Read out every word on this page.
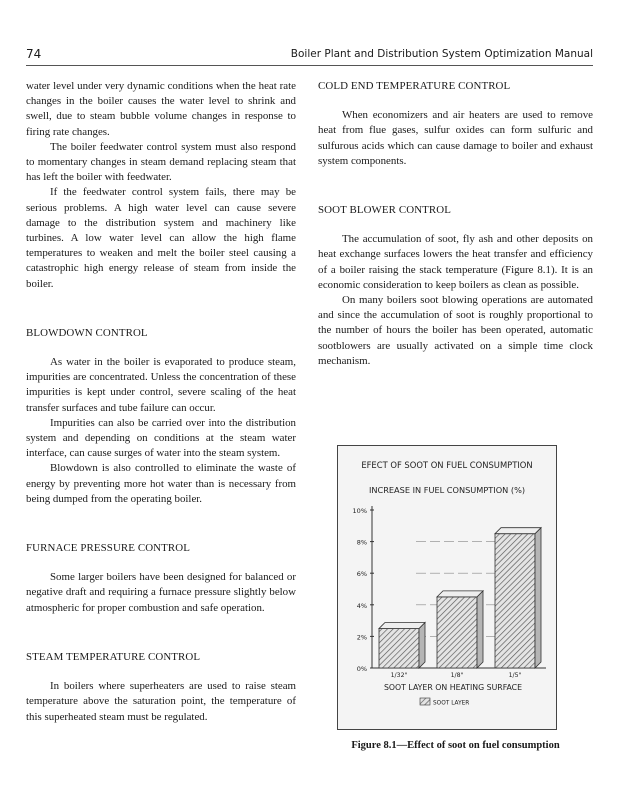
74	Boiler Plant and Distribution System Optimization Manual

water level under very dynamic conditions when the heat rate changes in the boiler causes the water level to shrink and swell, due to steam bubble volume changes in response to firing rate changes.

The boiler feedwater control system must also respond to momentary changes in steam demand replacing steam that has left the boiler with feedwater.

If the feedwater control system fails, there may be serious problems. A high water level can cause severe damage to the distribution system and machinery like turbines. A low water level can allow the high flame temperatures to weaken and melt the boiler steel causing a catastrophic high energy release of steam from inside the boiler.

BLOWDOWN CONTROL

As water in the boiler is evaporated to produce steam, impurities are concentrated. Unless the concentration of these impurities is kept under control, severe scaling of the heat transfer surfaces and tube failure can occur.

Impurities can also be carried over into the distribution system and depending on conditions at the steam water interface, can cause surges of water into the steam system.

Blowdown is also controlled to eliminate the waste of energy by preventing more hot water than is necessary from being dumped from the operating boiler.

FURNACE PRESSURE CONTROL

Some larger boilers have been designed for balanced or negative draft and requiring a furnace pressure slightly below atmospheric for proper combustion and safe operation.

STEAM TEMPERATURE CONTROL

In boilers where superheaters are used to raise steam temperature above the saturation point, the temperature of this superheated steam must be regulated.

COLD END TEMPERATURE CONTROL

When economizers and air heaters are used to remove heat from flue gases, sulfur oxides can form sulfuric and sulfurous acids which can cause damage to boiler and exhaust system components.

SOOT BLOWER CONTROL

The accumulation of soot, fly ash and other deposits on heat exchange surfaces lowers the heat transfer and efficiency of a boiler raising the stack temperature (Figure 8.1). It is an economic consideration to keep boilers as clean as possible.

On many boilers soot blowing operations are automated and since the accumulation of soot is roughly proportional to the number of hours the boiler has been operated, automatic sootblowers are usually activated on a simple time clock mechanism.

EFECT OF SOOT ON FUEL CONSUMPTION
INCREASE IN FUEL CONSUMPTION (%)
0%
2%
4%
6%
8%
10%
1/32"	1/8"	1/5"
SOOT LAYER ON HEATING SURFACE
SOOT LAYER
Figure 8.1—Effect of soot on fuel consumption
